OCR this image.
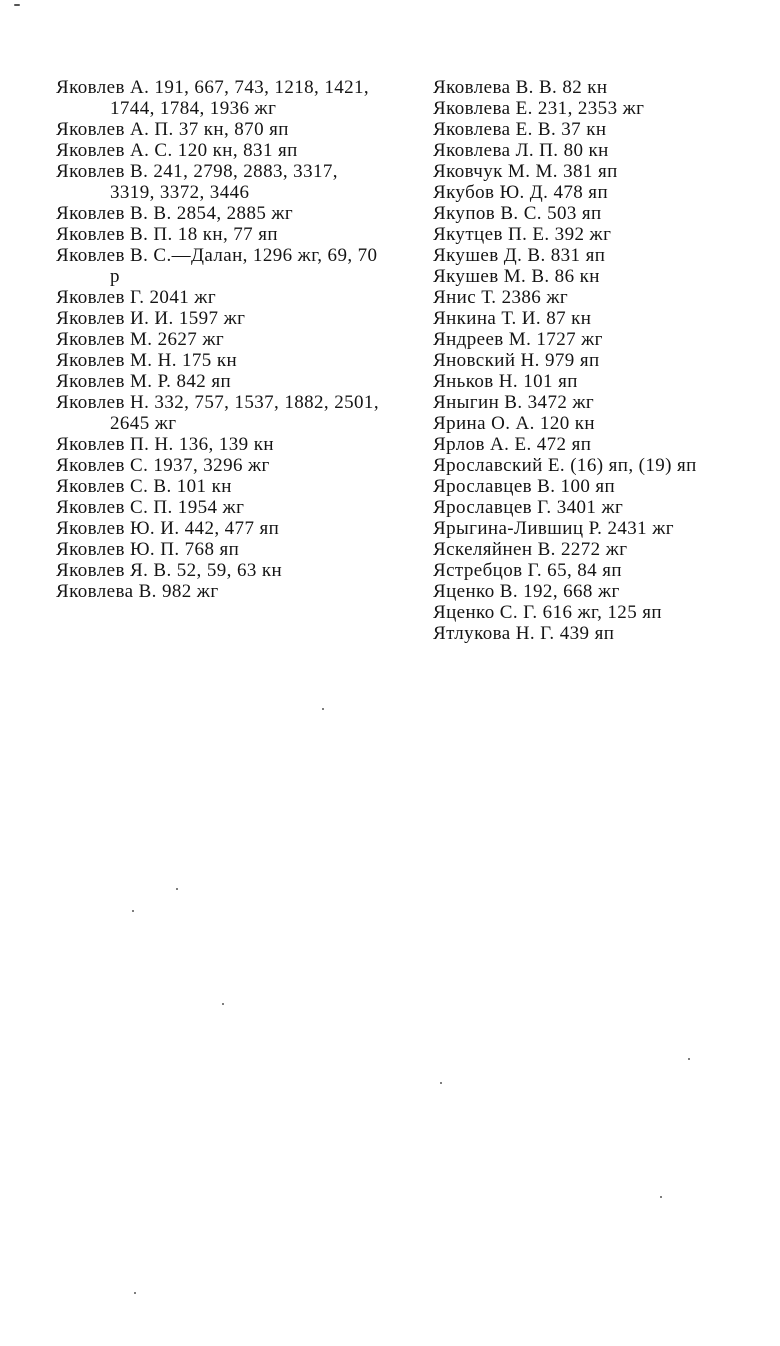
Яковлев А. 191, 667, 743, 1218, 1421, 1744, 1784, 1936 жг

Яковлев А. П. 37 кн, 870 яп

Яковлев А. С. 120 кн, 831 яп

Яковлев В. 241, 2798, 2883, 3317, 3319, 3372, 3446

Яковлев В. В. 2854, 2885 жг

Яковлев В. П. 18 кн, 77 яп

Яковлев В. С.—Далан, 1296 жг, 69, 70 р

Яковлев Г. 2041 жг

Яковлев И. И. 1597 жг

Яковлев М. 2627 жг

Яковлев М. Н. 175 кн

Яковлев М. Р. 842 яп

Яковлев Н. 332, 757, 1537, 1882, 2501, 2645 жг

Яковлев П. Н. 136, 139 кн

Яковлев С. 1937, 3296 жг

Яковлев С. В. 101 кн

Яковлев С. П. 1954 жг

Яковлев Ю. И. 442, 477 яп

Яковлев Ю. П. 768 яп

Яковлев Я. В. 52, 59, 63 кн

Яковлева В. 982 жг

Яковлева В. В. 82 кн

Яковлева Е. 231, 2353 жг

Яковлева Е. В. 37 кн

Яковлева Л. П. 80 кн

Яковчук М. М. 381 яп

Якубов Ю. Д. 478 яп

Якупов В. С. 503 яп

Якутцев П. Е. 392 жг

Якушев Д. В. 831 яп

Якушев М. В. 86 кн

Янис Т. 2386 жг

Янкина Т. И. 87 кн

Яндреев М. 1727 жг

Яновский Н. 979 яп

Яньков Н. 101 яп

Яныгин В. 3472 жг

Ярина О. А. 120 кн

Ярлов А. Е. 472 яп

Ярославский Е. (16) яп, (19) яп

Ярославцев В. 100 яп

Ярославцев Г. 3401 жг

Ярыгина-Лившиц Р. 2431 жг

Яскеляйнен В. 2272 жг

Ястребцов Г. 65, 84 яп

Яценко В. 192, 668 жг

Яценко С. Г. 616 жг, 125 яп

Ятлукова Н. Г. 439 яп
